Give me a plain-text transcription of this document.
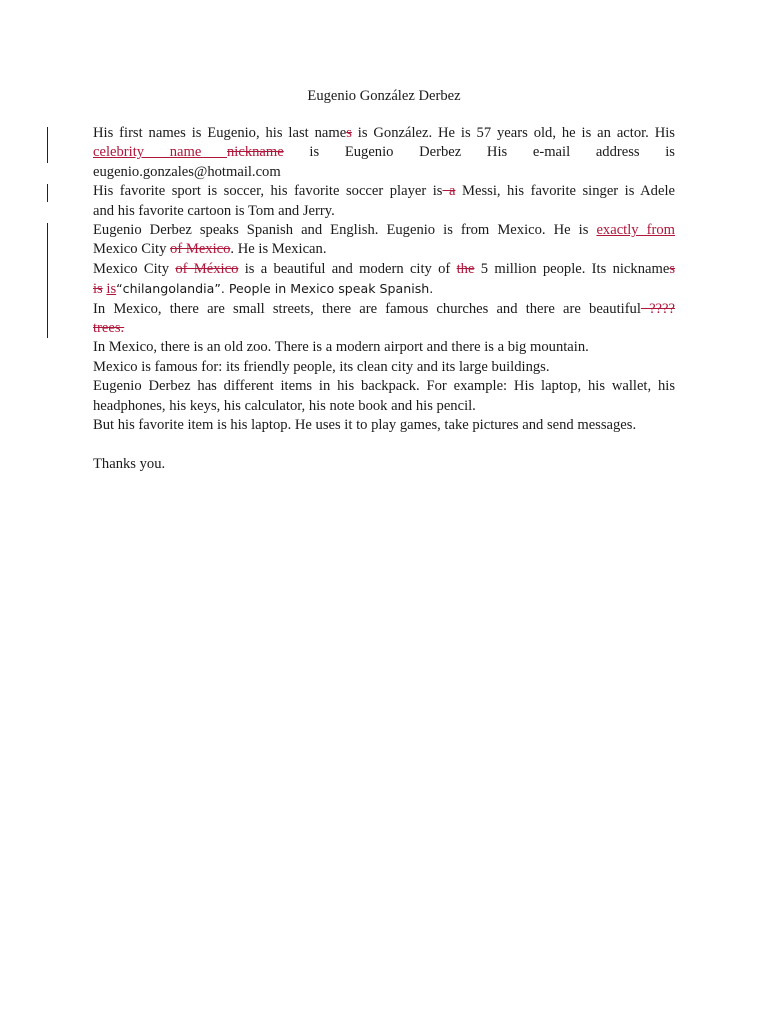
Eugenio González Derbez

His first names is Eugenio, his last names is González. He is 57 years old, he is an actor. His

celebrity name nickname is Eugenio Derbez His e-mail address is

eugenio.gonzales@hotmail.com

His favorite sport is soccer, his favorite soccer player is a Messi, his favorite singer is Adele

and his favorite cartoon is Tom and Jerry.

Eugenio Derbez speaks Spanish and English. Eugenio is from Mexico. He is exactly from

Mexico City of Mexico. He is Mexican.

Mexico City of México is a beautiful and modern city of the 5 million people. Its nicknames

is is“chilangolandia”. People in Mexico speak Spanish.

In Mexico, there are small streets, there are famous churches and there are beautiful ????

trees.

In Mexico, there is an old zoo. There is a modern airport and there is a big mountain.

Mexico is famous for: its friendly people, its clean city and its large buildings.

Eugenio Derbez has different items in his backpack. For example: His laptop, his wallet, his

headphones, his keys, his calculator, his note book and his pencil.

But his favorite item is his laptop. He uses it to play games, take pictures and send messages.

Thanks you.
